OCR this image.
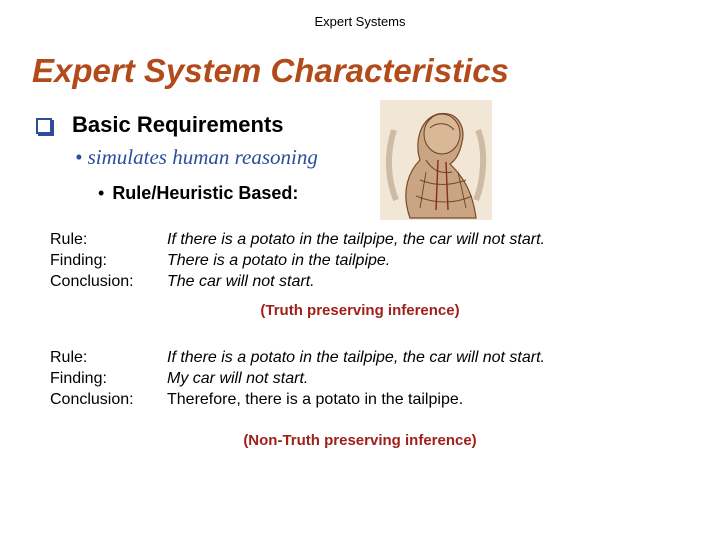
Expert Systems
Expert System Characteristics
Basic Requirements
• simulates human reasoning
• Rule/Heuristic Based:
Rule:	If there is a potato in the tailpipe, the car will not start.
Finding:	There is a potato in the tailpipe.
Conclusion:	The car will not start.
(Truth preserving inference)
Rule:	If there is a potato in the tailpipe, the car will not start.
Finding:	My car will not start.
Conclusion:	Therefore, there is a potato in the tailpipe.
(Non-Truth preserving inference)
